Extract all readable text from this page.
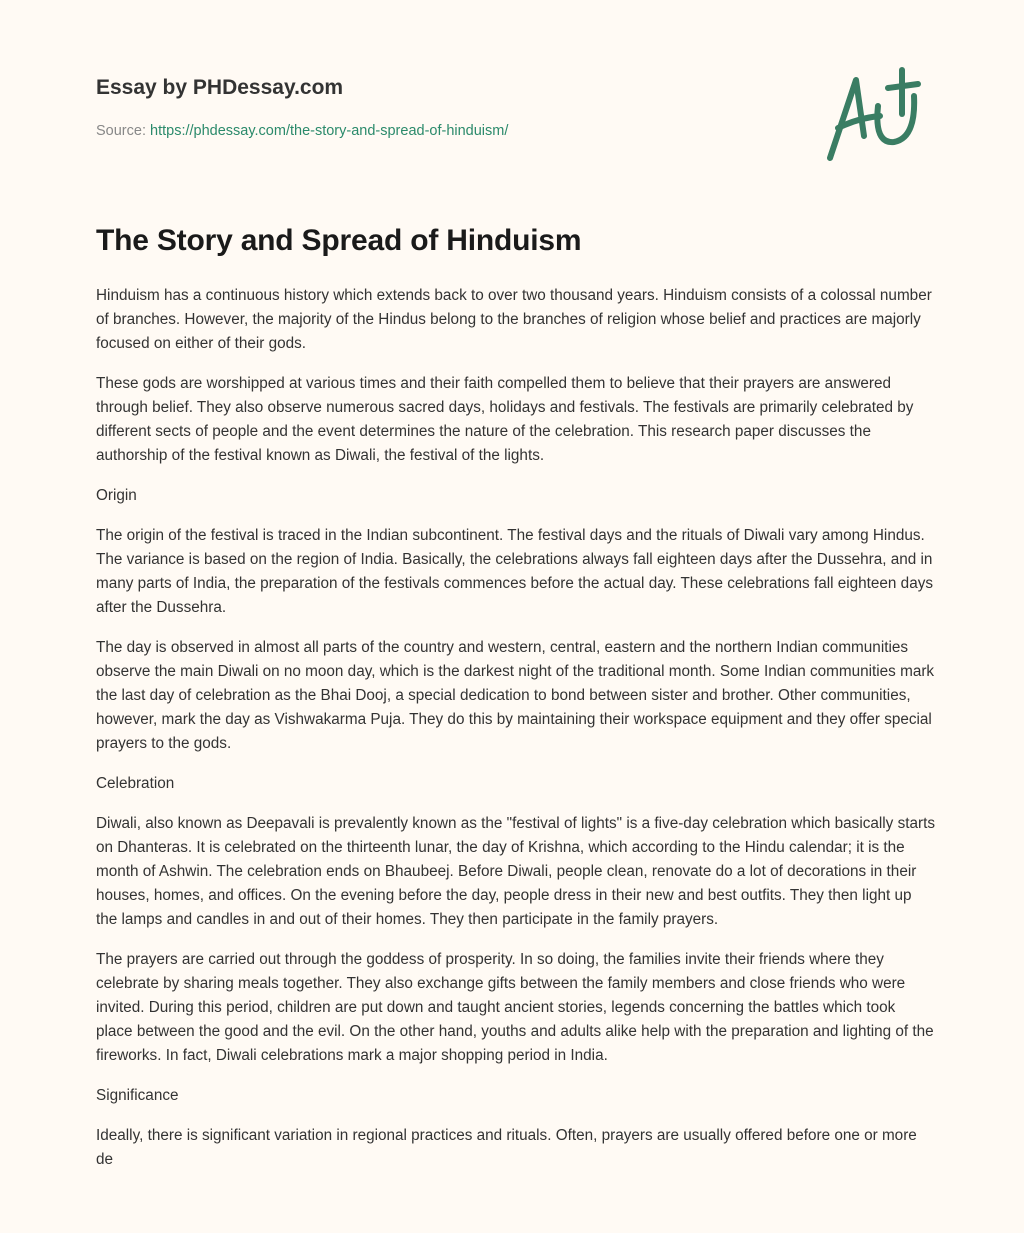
Essay by PHDessay.com
Source: https://phdessay.com/the-story-and-spread-of-hinduism/
The Story and Spread of Hinduism

Hinduism has a continuous history which extends back to over two thousand years. Hinduism consists of a colossal number of branches. However, the majority of the Hindus belong to the branches of religion whose belief and practices are majorly focused on either of their gods.

These gods are worshipped at various times and their faith compelled them to believe that their prayers are answered through belief. They also observe numerous sacred days, holidays and festivals. The festivals are primarily celebrated by different sects of people and the event determines the nature of the celebration. This research paper discusses the authorship of the festival known as Diwali, the festival of the lights.

Origin

The origin of the festival is traced in the Indian subcontinent. The festival days and the rituals of Diwali vary among Hindus. The variance is based on the region of India. Basically, the celebrations always fall eighteen days after the Dussehra, and in many parts of India, the preparation of the festivals commences before the actual day. These celebrations fall eighteen days after the Dussehra.

The day is observed in almost all parts of the country and western, central, eastern and the northern Indian communities observe the main Diwali on no moon day, which is the darkest night of the traditional month. Some Indian communities mark the last day of celebration as the Bhai Dooj, a special dedication to bond between sister and brother. Other communities, however, mark the day as Vishwakarma Puja. They do this by maintaining their workspace equipment and they offer special prayers to the gods.

Celebration

Diwali, also known as Deepavali is prevalently known as the "festival of lights" is a five-day celebration which basically starts on Dhanteras. It is celebrated on the thirteenth lunar, the day of Krishna, which according to the Hindu calendar; it is the month of Ashwin. The celebration ends on Bhaubeej. Before Diwali, people clean, renovate do a lot of decorations in their houses, homes, and offices. On the evening before the day, people dress in their new and best outfits. They then light up the lamps and candles in and out of their homes. They then participate in the family prayers.

The prayers are carried out through the goddess of prosperity. In so doing, the families invite their friends where they celebrate by sharing meals together. They also exchange gifts between the family members and close friends who were invited. During this period, children are put down and taught ancient stories, legends concerning the battles which took place between the good and the evil. On the other hand, youths and adults alike help with the preparation and lighting of the fireworks. In fact, Diwali celebrations mark a major shopping period in India.

Significance

Ideally, there is significant variation in regional practices and rituals. Often, prayers are usually offered before one or more de
